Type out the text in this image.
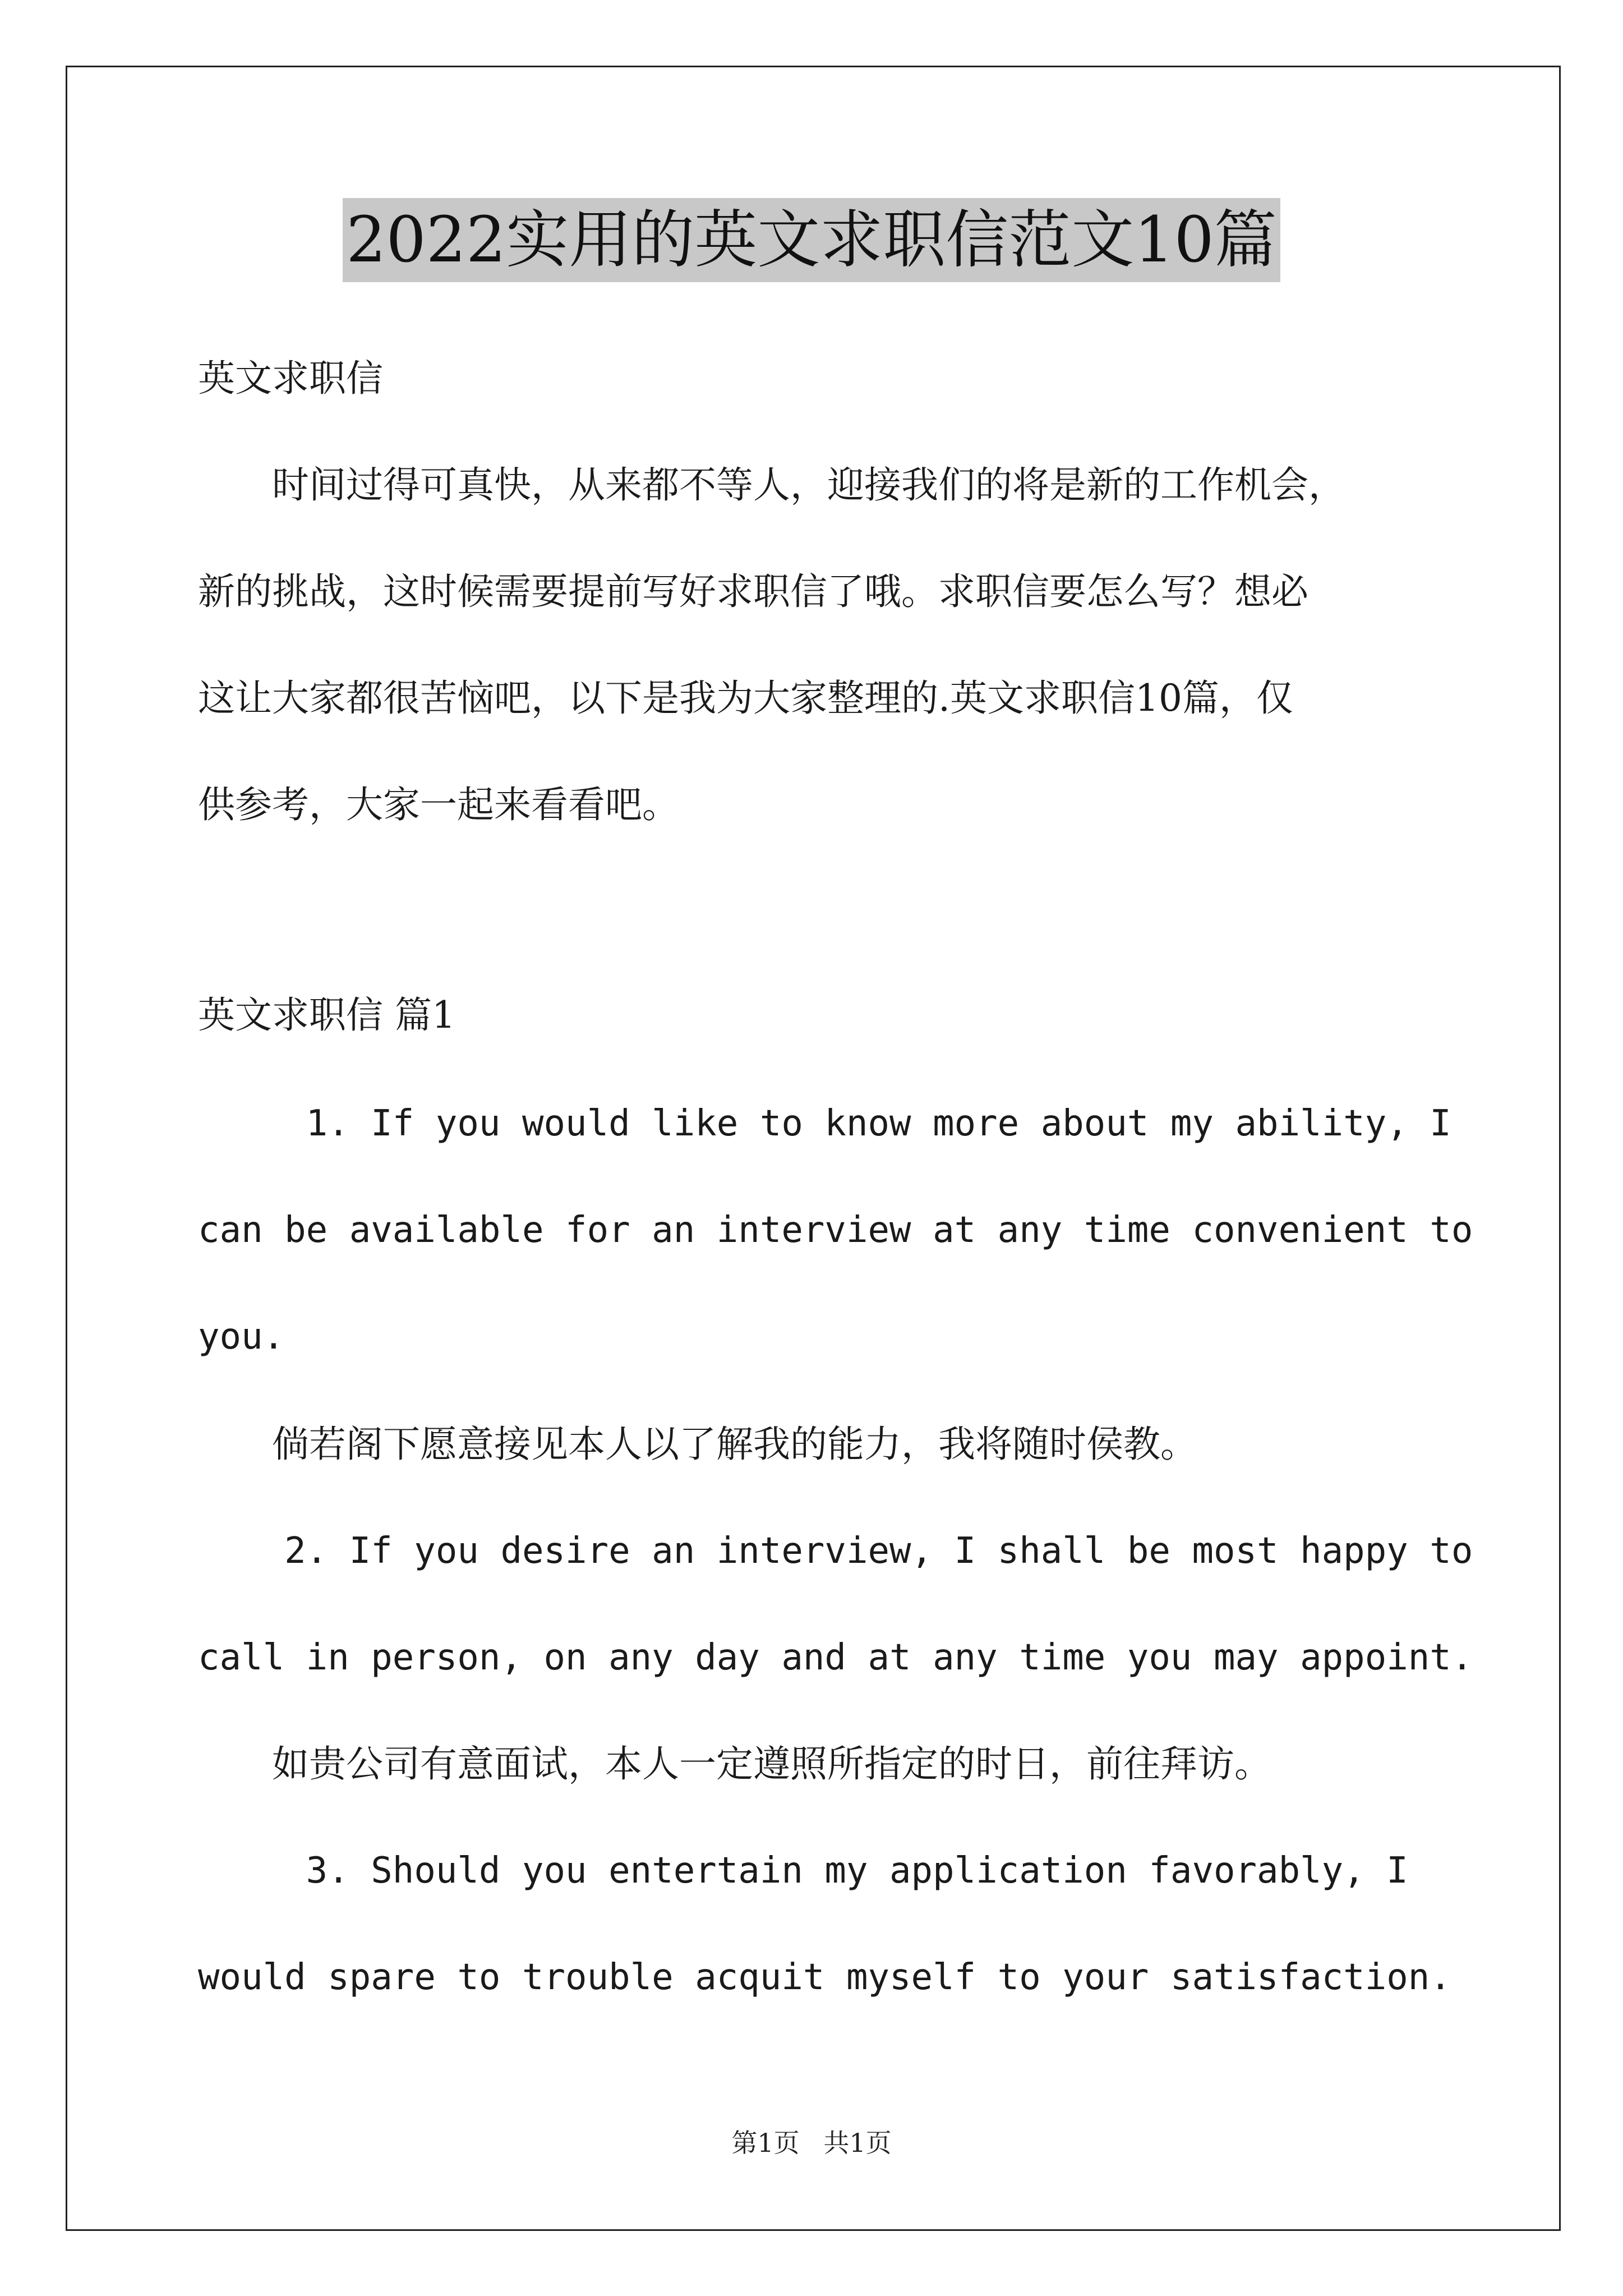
2022实用的英文求职信范文10篇
英文求职信
　　时间过得可真快，从来都不等人，迎接我们的将是新的工作机会，
新的挑战，这时候需要提前写好求职信了哦。求职信要怎么写？想必
这让大家都很苦恼吧，以下是我为大家整理的.英文求职信10篇，仅
供参考，大家一起来看看吧。
英文求职信 篇1
1. If you would like to know more about my ability, I
can be available for an interview at any time convenient to
you.
　　倘若阁下愿意接见本人以了解我的能力，我将随时侯教。
2. If you desire an interview, I shall be most happy to
call in person, on any day and at any time you may appoint.
　　如贵公司有意面试，本人一定遵照所指定的时日，前往拜访。
3. Should you entertain my application favorably, I
would spare to trouble acquit myself to your satisfaction.
第1页 共1页
